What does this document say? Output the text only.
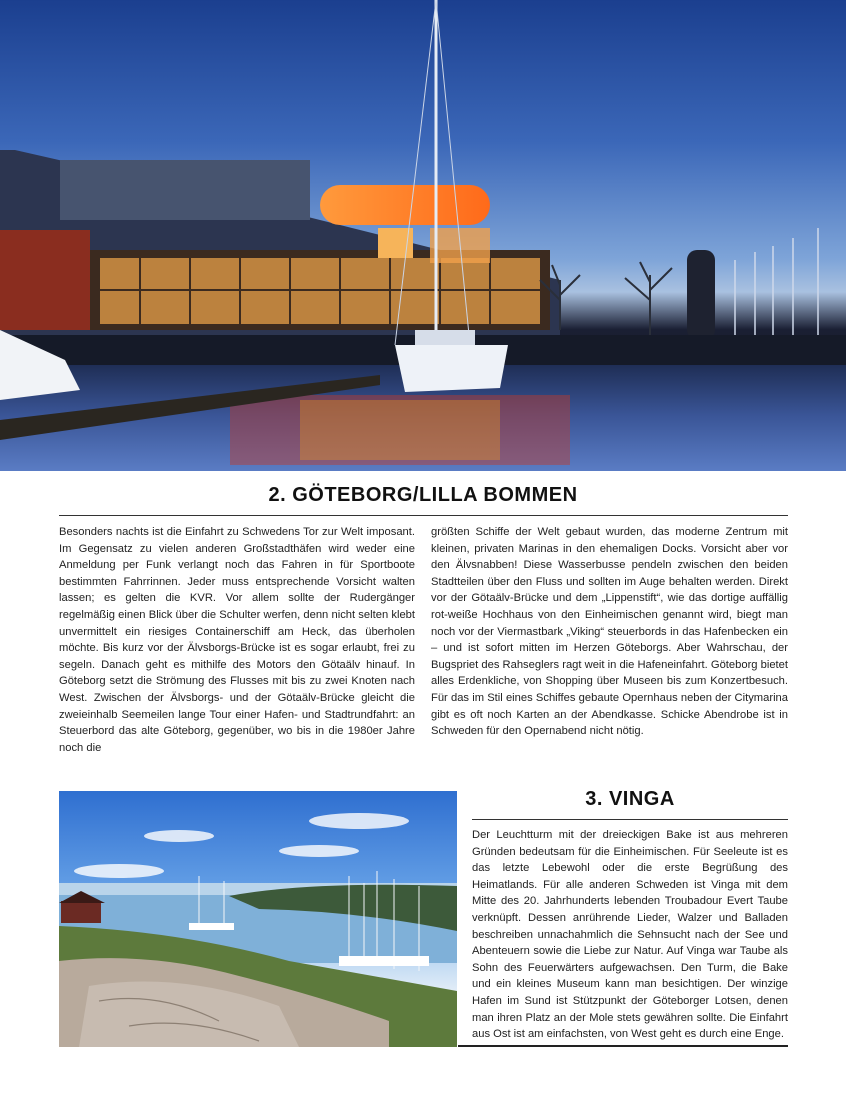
2. GÖTEBORG/LILLA BOMMEN

Besonders nachts ist die Einfahrt zu Schwedens Tor zur Welt imposant. Im Gegensatz zu vielen anderen Großstadthäfen wird weder eine Anmeldung per Funk verlangt noch das Fahren in für Sportboote bestimmten Fahrrinnen. Jeder muss entsprechende Vorsicht walten lassen; es gelten die KVR. Vor allem sollte der Rudergänger regelmäßig einen Blick über die Schulter werfen, denn nicht selten klebt unvermittelt ein riesiges Containerschiff am Heck, das überholen möchte. Bis kurz vor der Älvsborgs-Brücke ist es sogar erlaubt, frei zu segeln. Danach geht es mithilfe des Motors den Götaälv hinauf. In Göteborg setzt die Strömung des Flusses mit bis zu zwei Knoten nach West. Zwischen der Älvsborgs- und der Götaälv-Brücke gleicht die zweieinhalb Seemeilen lange Tour einer Hafen- und Stadtrundfahrt: an Steuerbord das alte Göteborg, gegenüber, wo bis in die 1980er Jahre noch die

größten Schiffe der Welt gebaut wurden, das moderne Zentrum mit kleinen, privaten Marinas in den ehemaligen Docks. Vorsicht aber vor den Älvsnabben! Diese Wasserbusse pendeln zwischen den beiden Stadtteilen über den Fluss und sollten im Auge behalten werden. Direkt vor der Götaälv-Brücke und dem „Lippenstift“, wie das dortige auffällig rot-weiße Hochhaus von den Einheimischen genannt wird, biegt man noch vor der Viermastbark „Viking“ steuerbords in das Hafenbecken ein – und ist sofort mitten im Herzen Göteborgs. Aber Wahrschau, der Bugspriet des Rahseglers ragt weit in die Hafeneinfahrt. Göteborg bietet alles Erdenkliche, von Shopping über Museen bis zum Konzertbesuch. Für das im Stil eines Schiffes gebaute Opernhaus neben der Citymarina gibt es oft noch Karten an der Abendkasse. Schicke Abendrobe ist in Schweden für den Opernabend nicht nötig.

3. VINGA

Der Leuchtturm mit der dreieckigen Bake ist aus mehreren Gründen bedeutsam für die Einheimischen. Für Seeleute ist es das letzte Lebewohl oder die erste Begrüßung des Heimatlands. Für alle anderen Schweden ist Vinga mit dem Mitte des 20. Jahrhunderts lebenden Troubadour Evert Taube verknüpft. Dessen anrührende Lieder, Walzer und Balladen beschreiben unnachahmlich die Sehnsucht nach der See und Abenteuern sowie die Liebe zur Natur. Auf Vinga war Taube als Sohn des Feuerwärters aufgewachsen. Den Turm, die Bake und ein kleines Museum kann man besichtigen. Der winzige Hafen im Sund ist Stützpunkt der Göteborger Lotsen, denen man ihren Platz an der Mole stets gewähren sollte. Die Einfahrt aus Ost ist am einfachsten, von West geht es durch eine Enge.
